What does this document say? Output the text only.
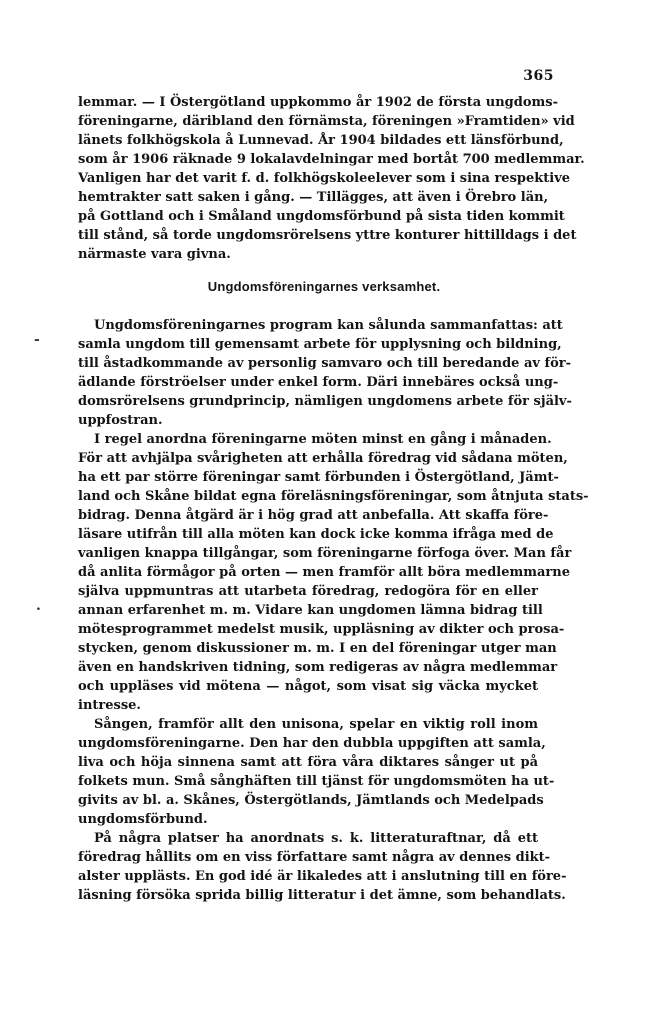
365
lemmar. — I Östergötland uppkommo år 1902 de första ungdoms-
föreningarne, däribland den förnämsta, föreningen »Framtiden» vid
länets folkhögskola å Lunnevad. År 1904 bildades ett länsförbund,
som år 1906 räknade 9 lokalavdelningar med bortåt 700 medlemmar.
Vanligen har det varit f. d. folkhögskoleelever som i sina respektive
hemtrakter satt saken i gång. — Tillägges, att även i Örebro län,
på Gottland och i Småland ungdomsförbund på sista tiden kommit
till stånd, så torde ungdomsrörelsens yttre konturer hittilldags i det
närmaste vara givna.
Ungdomsföreningarnes verksamhet.
Ungdomsföreningarnes program kan sålunda sammanfattas: att
samla ungdom till gemensamt arbete för upplysning och bildning,
till åstadkommande av personlig samvaro och till beredande av för-
ädlande förströelser under enkel form. Däri innebäres också ung-
domsrörelsens grundprincip, nämligen ungdomens arbete för själv-
uppfostran.
I regel anordna föreningarne möten minst en gång i månaden.
För att avhjälpa svårigheten att erhålla föredrag vid sådana möten,
ha ett par större föreningar samt förbunden i Östergötland, Jämt-
land och Skåne bildat egna föreläsningsföreningar, som åtnjuta stats-
bidrag. Denna åtgärd är i hög grad att anbefalla. Att skaffa före-
läsare utifrån till alla möten kan dock icke komma ifråga med de
vanligen knappa tillgångar, som föreningarne förfoga över. Man får
då anlita förmågor på orten — men framför allt böra medlemmarne
själva uppmuntras att utarbeta föredrag, redogöra för en eller
annan erfarenhet m. m. Vidare kan ungdomen lämna bidrag till
mötesprogrammet medelst musik, uppläsning av dikter och prosa-
stycken, genom diskussioner m. m. I en del föreningar utger man
även en handskriven tidning, som redigeras av några medlemmar
och uppläses vid mötena — något, som visat sig väcka mycket
intresse.
Sången, framför allt den unisona, spelar en viktig roll inom
ungdomsföreningarne. Den har den dubbla uppgiften att samla,
liva och höja sinnena samt att föra våra diktares sånger ut på
folkets mun. Små sånghäften till tjänst för ungdomsmöten ha ut-
givits av bl. a. Skånes, Östergötlands, Jämtlands och Medelpads
ungdomsförbund.
På några platser ha anordnats s. k. litteraturaftnar, då ett
föredrag hållits om en viss författare samt några av dennes dikt-
alster upplästs. En god idé är likaledes att i anslutning till en före-
läsning försöka sprida billig litteratur i det ämne, som behandlats.
-
.
